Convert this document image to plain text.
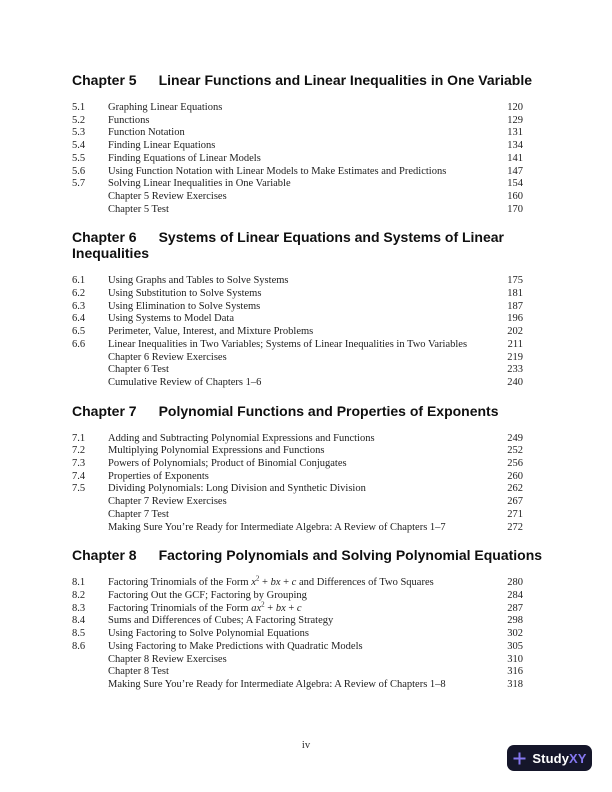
Chapter 5 Linear Functions and Linear Inequalities in One Variable
5.1	Graphing Linear Equations	120
5.2	Functions	129
5.3	Function Notation	131
5.4	Finding Linear Equations	134
5.5	Finding Equations of Linear Models	141
5.6	Using Function Notation with Linear Models to Make Estimates and Predictions	147
5.7	Solving Linear Inequalities in One Variable	154
Chapter 5 Review Exercises	160
Chapter 5 Test	170
Chapter 6 Systems of Linear Equations and Systems of Linear Inequalities
6.1	Using Graphs and Tables to Solve Systems	175
6.2	Using Substitution to Solve Systems	181
6.3	Using Elimination to Solve Systems	187
6.4	Using Systems to Model Data	196
6.5	Perimeter, Value, Interest, and Mixture Problems	202
6.6	Linear Inequalities in Two Variables; Systems of Linear Inequalities in Two Variables	211
Chapter 6 Review Exercises	219
Chapter 6 Test	233
Cumulative Review of Chapters 1–6	240
Chapter 7 Polynomial Functions and Properties of Exponents
7.1	Adding and Subtracting Polynomial Expressions and Functions	249
7.2	Multiplying Polynomial Expressions and Functions	252
7.3	Powers of Polynomials; Product of Binomial Conjugates	256
7.4	Properties of Exponents	260
7.5	Dividing Polynomials: Long Division and Synthetic Division	262
Chapter 7 Review Exercises	267
Chapter 7 Test	271
Making Sure You’re Ready for Intermediate Algebra: A Review of Chapters 1–7	272
Chapter 8 Factoring Polynomials and Solving Polynomial Equations
8.1	Factoring Trinomials of the Form $x^2$ + bx + c and Differences of Two Squares	280
8.2	Factoring Out the GCF; Factoring by Grouping	284
8.3	Factoring Trinomials of the Form $ax^2$ + bx + c	287
8.4	Sums and Differences of Cubes; A Factoring Strategy	298
8.5	Using Factoring to Solve Polynomial Equations	302
8.6	Using Factoring to Make Predictions with Quadratic Models	305
Chapter 8 Review Exercises	310
Chapter 8 Test	316
Making Sure You’re Ready for Intermediate Algebra: A Review of Chapters 1–8	318
iv
StudyXY
